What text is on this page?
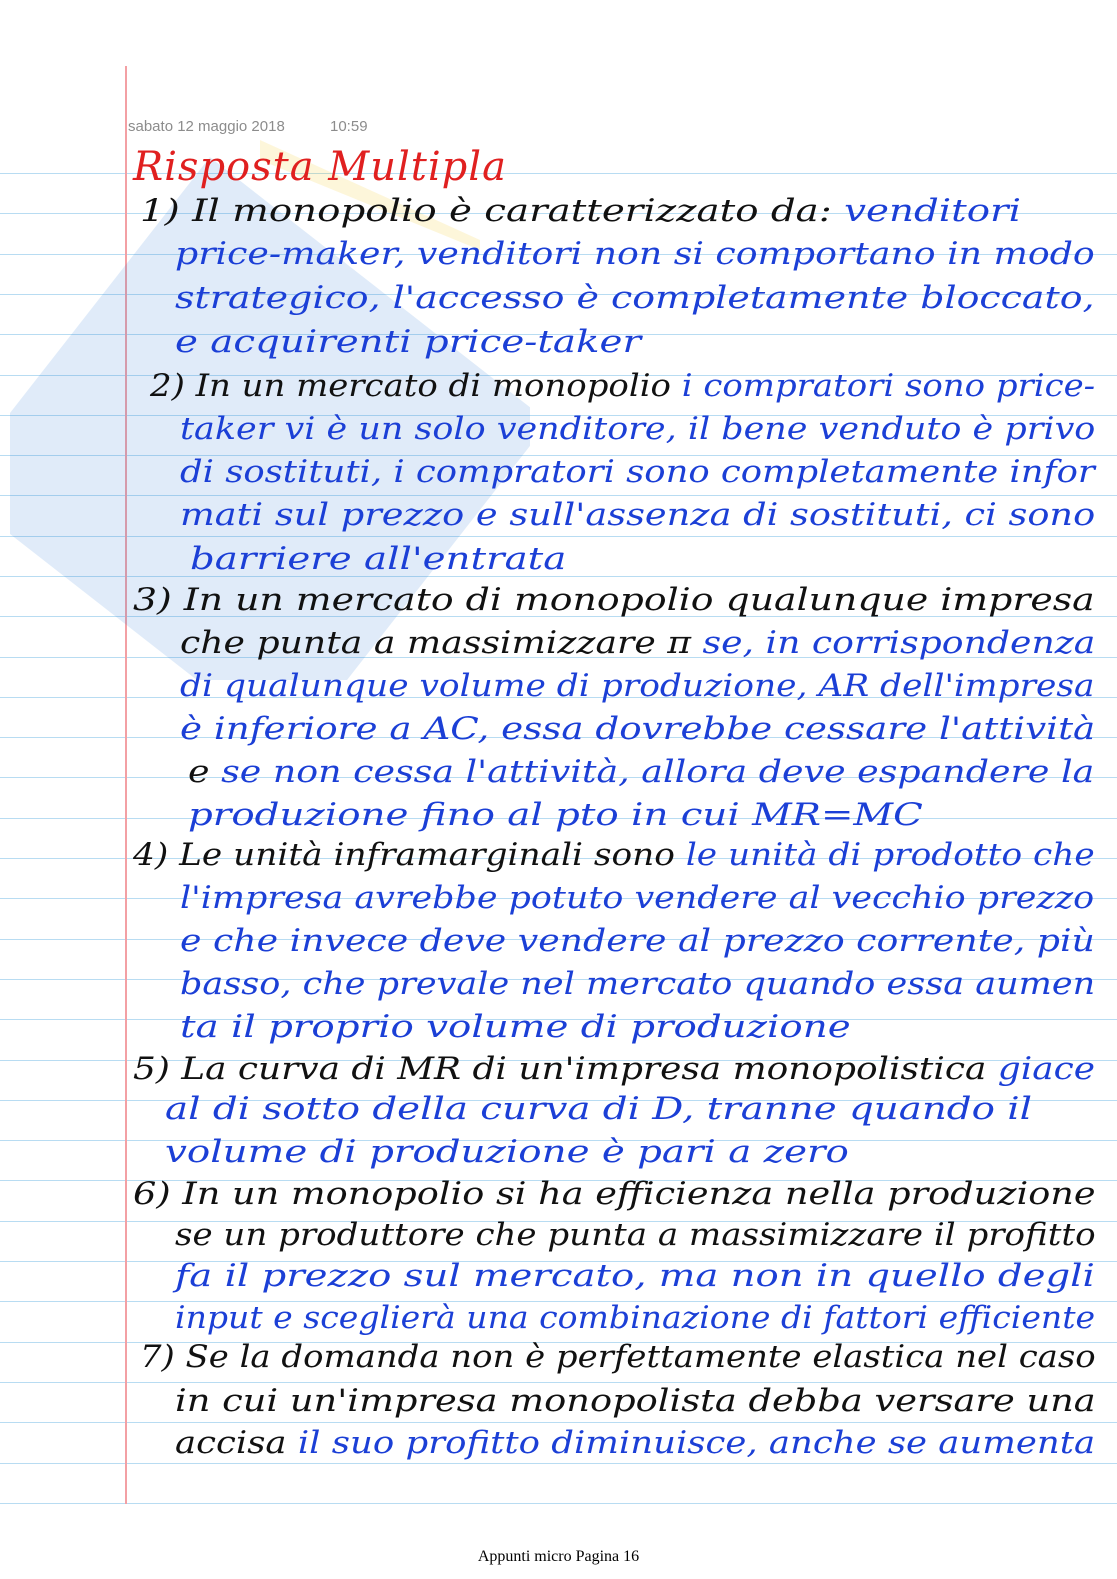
sabato 12 maggio 2018	10:59
Risposta Multipla
1) Il monopolio è caratterizzato da: venditori
price-maker, venditori non si comportano in modo
strategico, l'accesso è completamente bloccato,
e acquirenti price-taker
2) In un mercato di monopolio i compratori sono price-
taker vi è un solo venditore, il bene venduto è privo
di sostituti, i compratori sono completamente infor
mati sul prezzo e sull'assenza di sostituti, ci sono
barriere all'entrata
3) In un mercato di monopolio qualunque impresa
che punta a massimizzare π se, in corrispondenza
di qualunque volume di produzione, AR dell'impresa
è inferiore a AC, essa dovrebbe cessare l'attività
e se non cessa l'attività, allora deve espandere la
produzione fino al pto in cui MR=MC
4) Le unità inframarginali sono le unità di prodotto che
l'impresa avrebbe potuto vendere al vecchio prezzo
e che invece deve vendere al prezzo corrente, più
basso, che prevale nel mercato quando essa aumen
ta il proprio volume di produzione
5) La curva di MR di un'impresa monopolistica giace
al di sotto della curva di D, tranne quando il
volume di produzione è pari a zero
6) In un monopolio si ha efficienza nella produzione
se un produttore che punta a massimizzare il profitto
fa il prezzo sul mercato, ma non in quello degli
input e sceglierà una combinazione di fattori efficiente
7) Se la domanda non è perfettamente elastica nel caso
in cui un'impresa monopolista debba versare una
accisa il suo profitto diminuisce, anche se aumenta
Appunti micro Pagina 16
